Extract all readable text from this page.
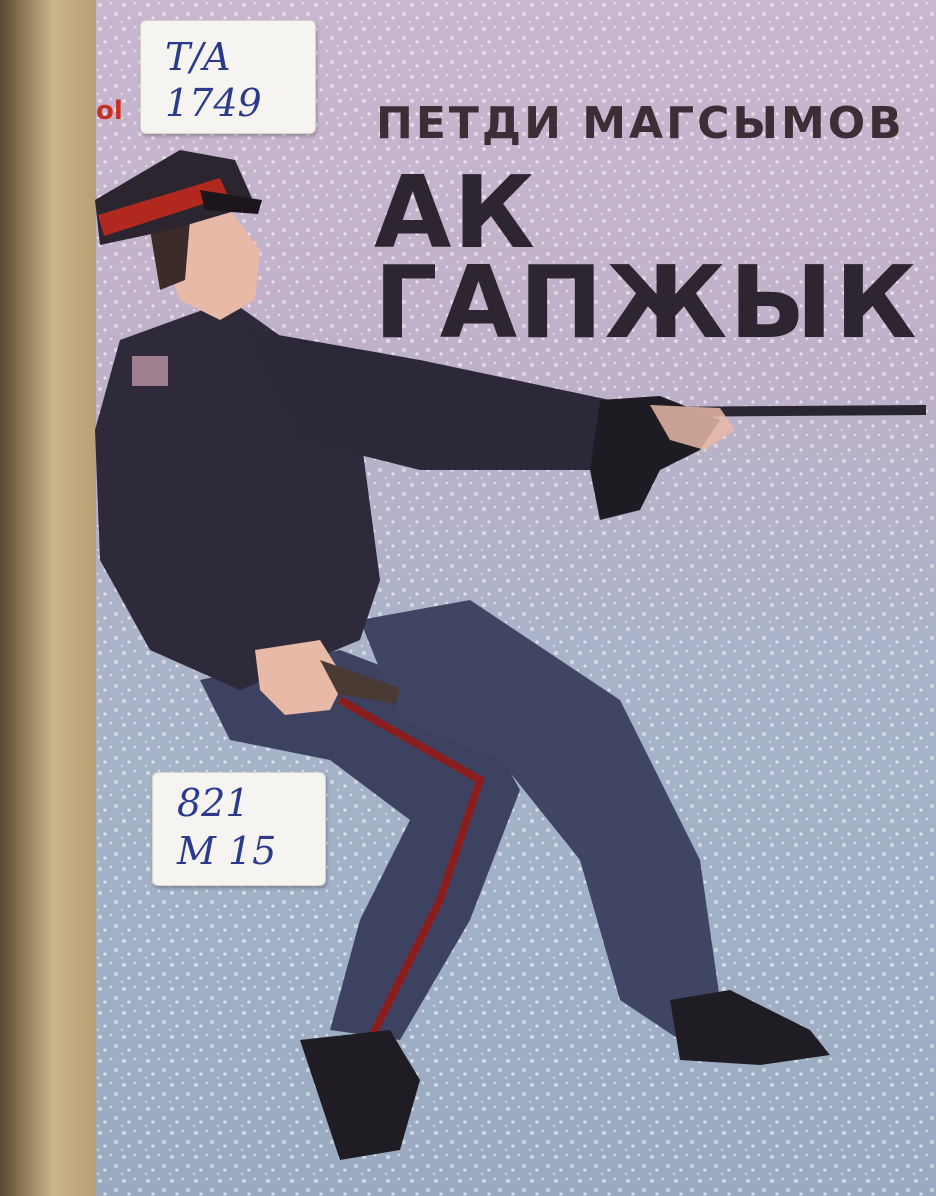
ol	ПЕТДИ МАГСЫМОВ
АК
ГАПЖЫК
T/A
1749
821
M 15
